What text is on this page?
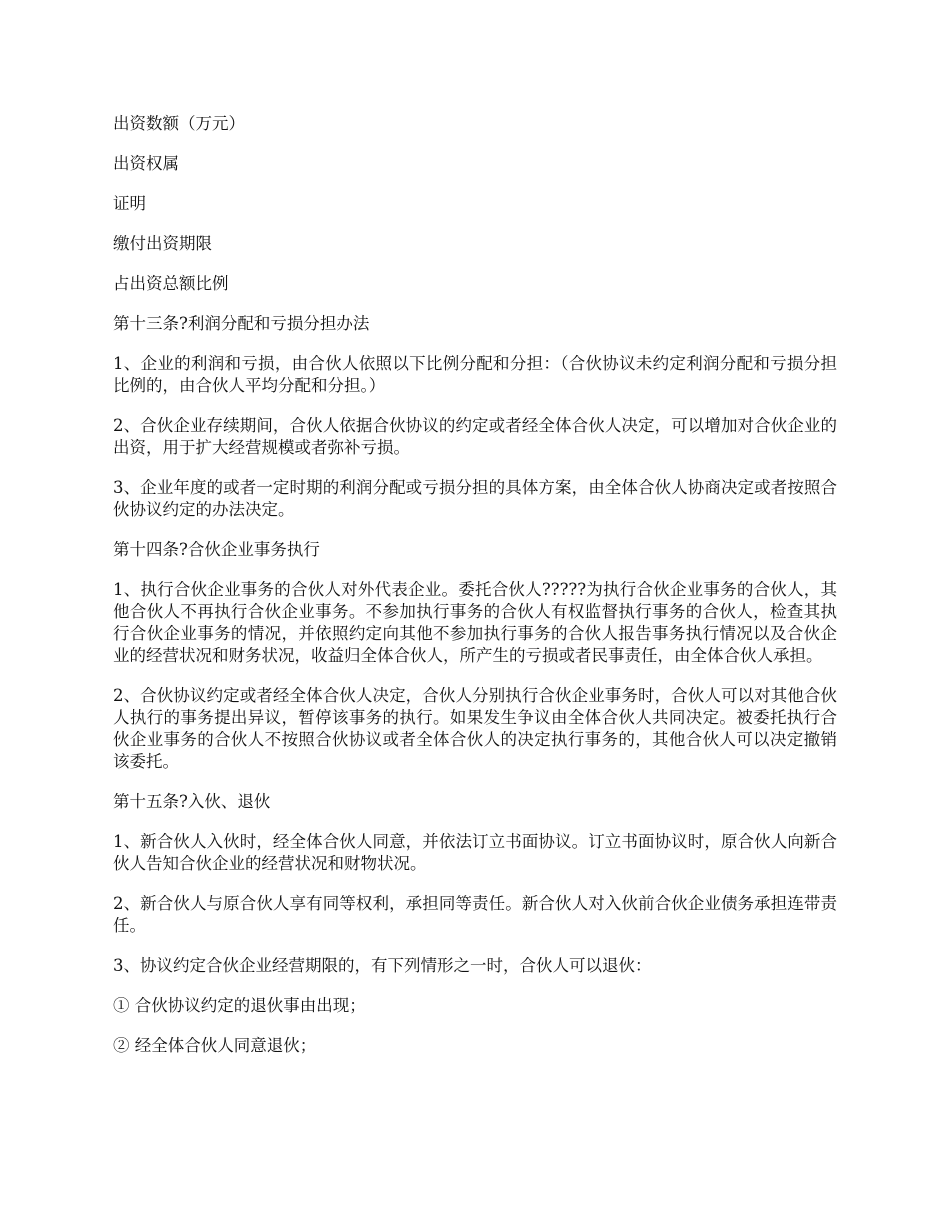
出资数额（万元）

出资权属

证明

缴付出资期限

占出资总额比例

第十三条?利润分配和亏损分担办法

1、企业的利润和亏损，由合伙人依照以下比例分配和分担：（合伙协议未约定利润分配和亏损分担比例的，由合伙人平均分配和分担。）

2、合伙企业存续期间，合伙人依据合伙协议的约定或者经全体合伙人决定，可以增加对合伙企业的出资，用于扩大经营规模或者弥补亏损。

3、企业年度的或者一定时期的利润分配或亏损分担的具体方案，由全体合伙人协商决定或者按照合伙协议约定的办法决定。

第十四条?合伙企业事务执行

1、执行合伙企业事务的合伙人对外代表企业。委托合伙人?????为执行合伙企业事务的合伙人，其他合伙人不再执行合伙企业事务。不参加执行事务的合伙人有权监督执行事务的合伙人，检查其执行合伙企业事务的情况，并依照约定向其他不参加执行事务的合伙人报告事务执行情况以及合伙企业的经营状况和财务状况，收益归全体合伙人，所产生的亏损或者民事责任，由全体合伙人承担。

2、合伙协议约定或者经全体合伙人决定，合伙人分别执行合伙企业事务时，合伙人可以对其他合伙人执行的事务提出异议，暂停该事务的执行。如果发生争议由全体合伙人共同决定。被委托执行合伙企业事务的合伙人不按照合伙协议或者全体合伙人的决定执行事务的，其他合伙人可以决定撤销该委托。

第十五条?入伙、退伙

1、新合伙人入伙时，经全体合伙人同意，并依法订立书面协议。订立书面协议时，原合伙人向新合伙人告知合伙企业的经营状况和财物状况。

2、新合伙人与原合伙人享有同等权利，承担同等责任。新合伙人对入伙前合伙企业债务承担连带责任。

3、协议约定合伙企业经营期限的，有下列情形之一时，合伙人可以退伙：

① 合伙协议约定的退伙事由出现；

② 经全体合伙人同意退伙；
